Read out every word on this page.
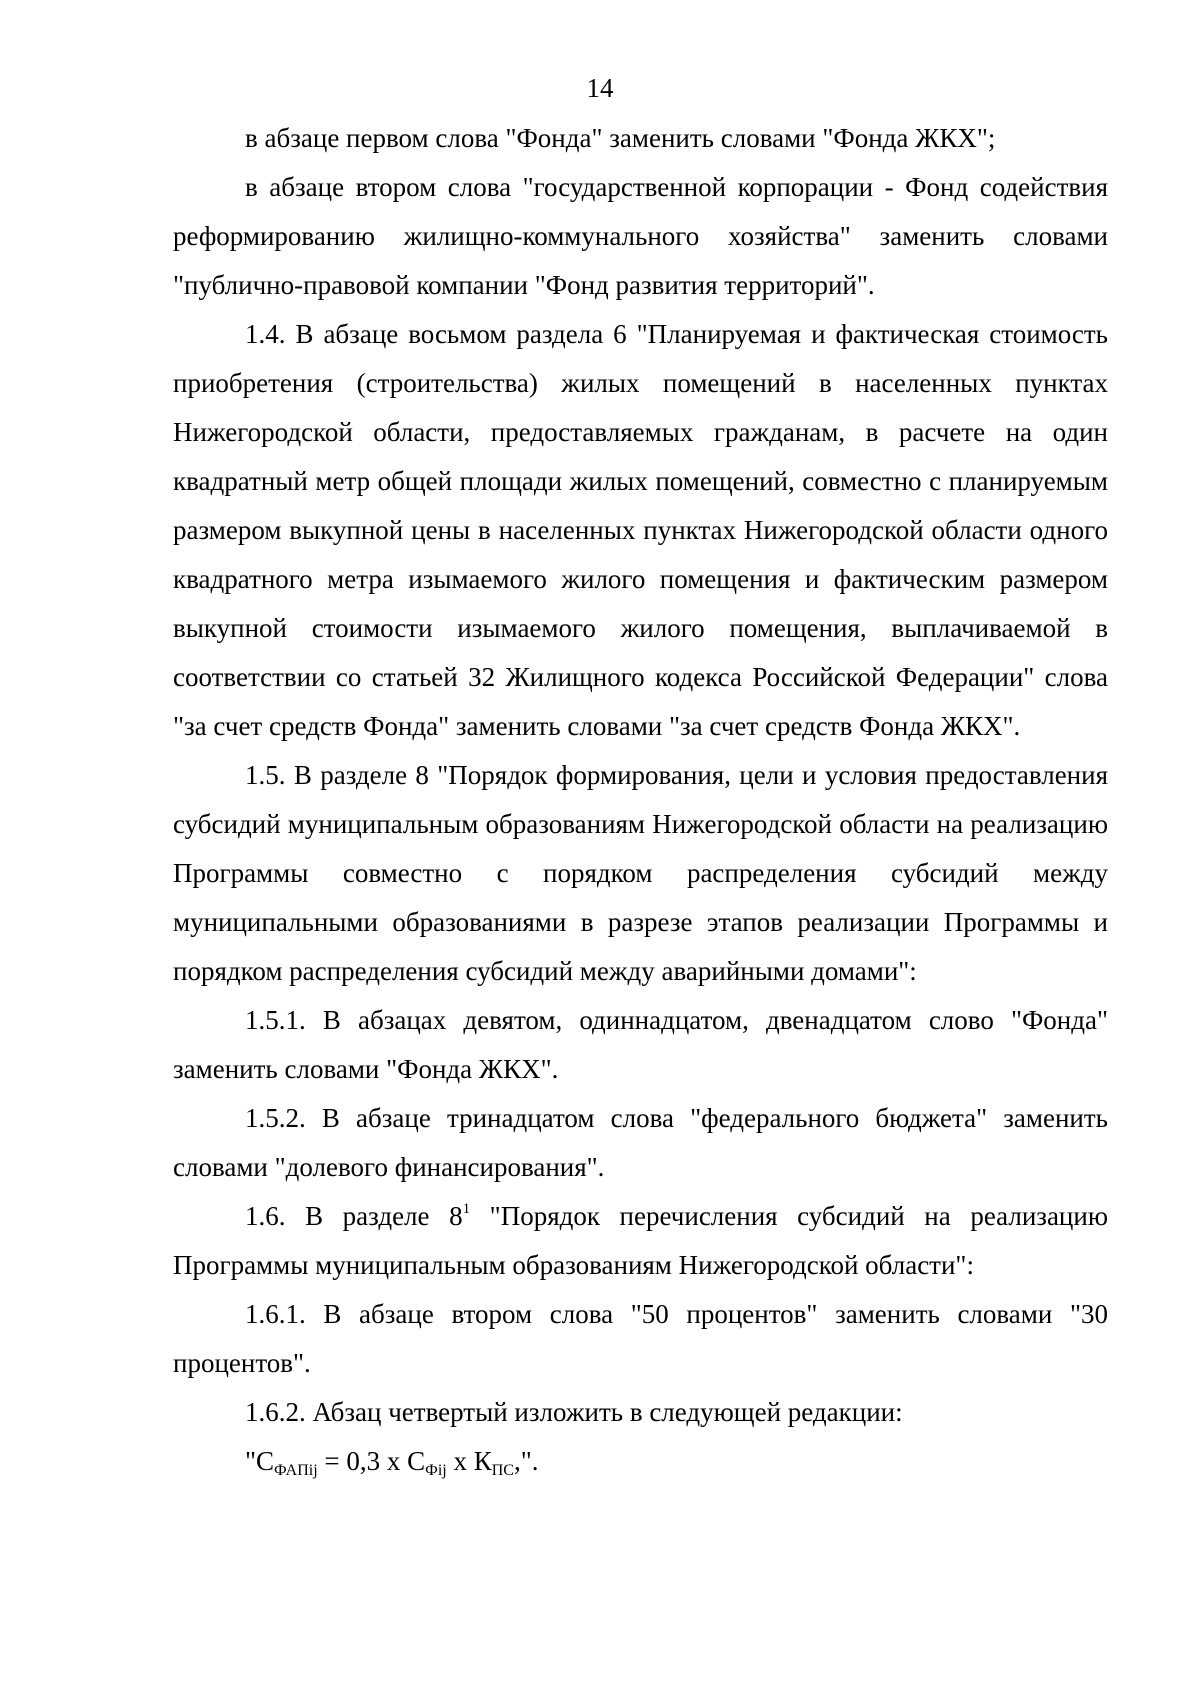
14

в абзаце первом слова "Фонда" заменить словами "Фонда ЖКХ";

в абзаце втором слова "государственной корпорации - Фонд содействия реформированию жилищно-коммунального хозяйства" заменить словами "публично-правовой компании "Фонд развития территорий".

1.4. В абзаце восьмом раздела 6 "Планируемая и фактическая стоимость приобретения (строительства) жилых помещений в населенных пунктах Нижегородской области, предоставляемых гражданам, в расчете на один квадратный метр общей площади жилых помещений, совместно с планируемым размером выкупной цены в населенных пунктах Нижегородской области одного квадратного метра изымаемого жилого помещения и фактическим размером выкупной стоимости изымаемого жилого помещения, выплачиваемой в соответствии со статьей 32 Жилищного кодекса Российской Федерации" слова "за счет средств Фонда" заменить словами "за счет средств Фонда ЖКХ".

1.5. В разделе 8 "Порядок формирования, цели и условия предоставления субсидий муниципальным образованиям Нижегородской области на реализацию Программы совместно с порядком распределения субсидий между муниципальными образованиями в разрезе этапов реализации Программы и порядком распределения субсидий между аварийными домами":

1.5.1. В абзацах девятом, одиннадцатом, двенадцатом слово "Фонда" заменить словами "Фонда ЖКХ".

1.5.2. В абзаце тринадцатом слова "федерального бюджета" заменить словами "долевого финансирования".

1.6. В разделе $8^1$ "Порядок перечисления субсидий на реализацию Программы муниципальным образованиям Нижегородской области":

1.6.1. В абзаце втором слова "50 процентов" заменить словами "30 процентов".

1.6.2. Абзац четвертый изложить в следующей редакции:

"$С_{ФАПij} = 0,3$ х $С_{Фij}$ х $К_{ПС}$,".
